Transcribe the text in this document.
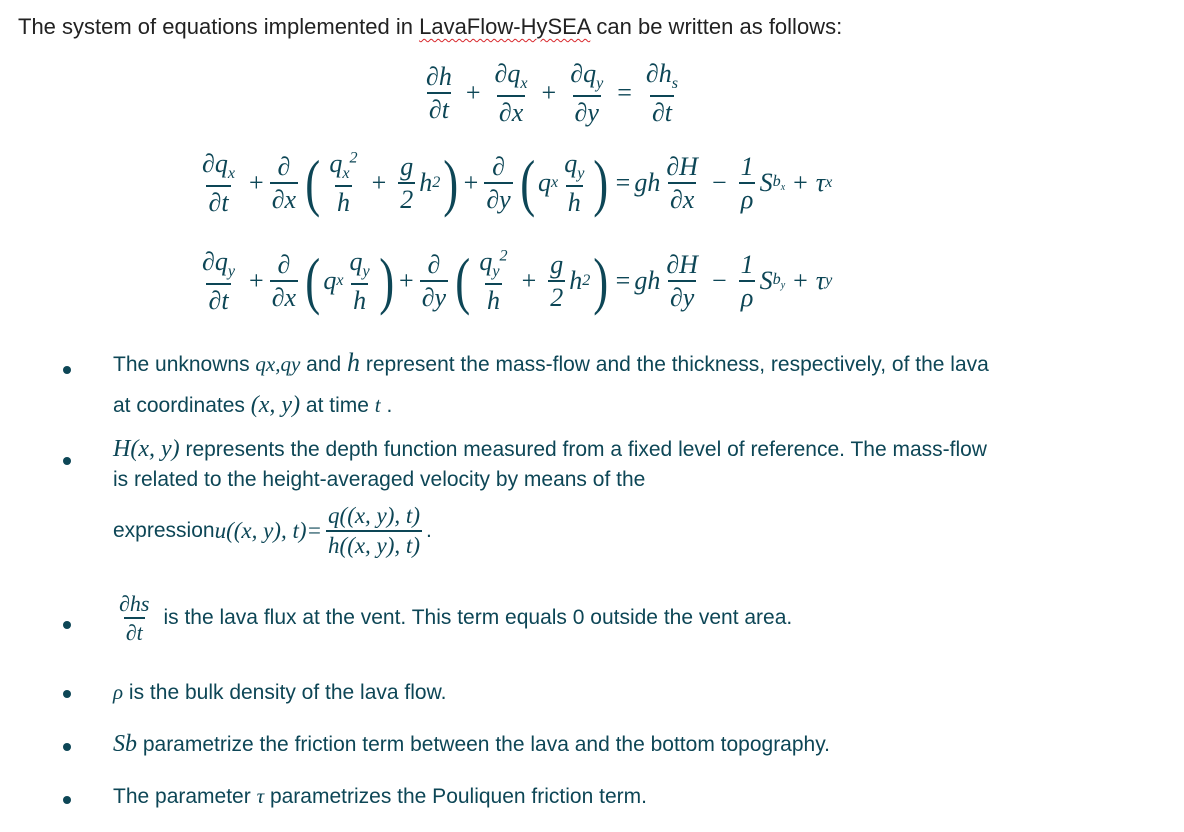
The system of equations implemented in LavaFlow-HySEA can be written as follows:
$\frac{\partial h}{\partial t} + \frac{\partial q_x}{\partial x} + \frac{\partial q_y}{\partial y} = \frac{\partial h_s}{\partial t}$
$\frac{\partial q_x}{\partial t} + \frac{\partial}{\partial x}$ ( $\frac{q_x^2}{h} + \frac{g}{2}$ h 2 ) + $\frac{\partial}{\partial y}$ ( q x $\frac{q_y}{h}$ ) = gh $\frac{\partial H}{\partial x} - \frac{1}{\rho}$ S $b_x + \tau$ x
$\frac{\partial q_y}{\partial t} + \frac{\partial}{\partial x}$ ( q x $\frac{q_y}{h}$ ) + $\frac{\partial}{\partial y}$ ( $\frac{q_y^2}{h} + \frac{g}{2}$ h 2 ) = gh $\frac{\partial H}{\partial y} - \frac{1}{\rho}$ S $b_y + \tau$ y
The unknowns qx,qy and h represent the mass-flow and the thickness, respectively, of the lava
at coordinates (x, y) at time t .
H(x, y) represents the depth function measured from a fixed level of reference. The mass-flow
is related to the height-averaged velocity by means of the
expression u((x, y), $t)= \frac{q((x, y), t)}{h((x, y), t)}$ .
$\frac{\partial hs}{\partial t}$ is the lava flux at the vent. This term equals 0 outside the vent area.
ρ is the bulk density of the lava flow.
Sb parametrize the friction term between the lava and the bottom topography.
The parameter τ parametrizes the Pouliquen friction term.
